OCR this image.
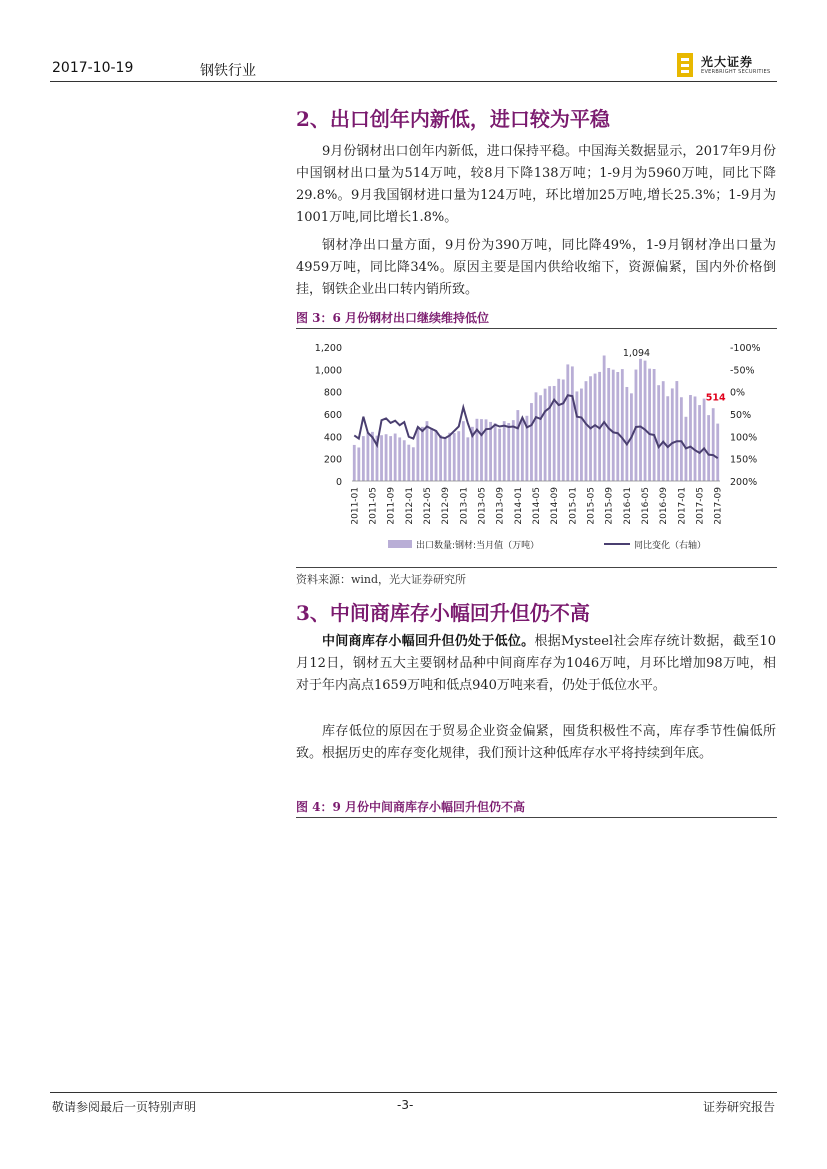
2017-10-19	钢铁行业
光大证券
EVERBRIGHT SECURITIES
2、出口创年内新低，进口较为平稳
9月份钢材出口创年内新低，进口保持平稳。中国海关数据显示，2017年9月份中国钢材出口量为514万吨，较8月下降138万吨；1-9月为5960万吨，同比下降29.8%。9月我国钢材进口量为124万吨，环比增加25万吨,增长25.3%；1-9月为1001万吨,同比增长1.8%。
钢材净出口量方面，9月份为390万吨，同比降49%，1-9月钢材净出口量为4959万吨，同比降34%。原因主要是国内供给收缩下，资源偏紧，国内外价格倒挂，钢铁企业出口转内销所致。
图 3：6 月份钢材出口继续维持低位
0
200
400
600
800
1,000
1,200	-100%
-50%
0%
50%
100%
150%
200%
2011-01 2011-05 2011-09 2012-01 2012-05 2012-09 2013-01 2013-05 2013-09 2014-01 2014-05 2014-09 2015-01 2015-05 2015-09 2016-01 2016-05 2016-09 2017-01 2017-05 2017-09
1,094
514
出口数量:钢材:当月值（万吨）	同比变化（右轴）
资料来源：wind，光大证券研究所
3、中间商库存小幅回升但仍不高
中间商库存小幅回升但仍处于低位。根据Mysteel社会库存统计数据，截至10月12日，钢材五大主要钢材品种中间商库存为1046万吨，月环比增加98万吨，相对于年内高点1659万吨和低点940万吨来看，仍处于低位水平。
库存低位的原因在于贸易企业资金偏紧，囤货积极性不高，库存季节性偏低所致。根据历史的库存变化规律，我们预计这种低库存水平将持续到年底。
图 4：9 月份中间商库存小幅回升但仍不高
敬请参阅最后一页特别声明	-3-	证券研究报告
